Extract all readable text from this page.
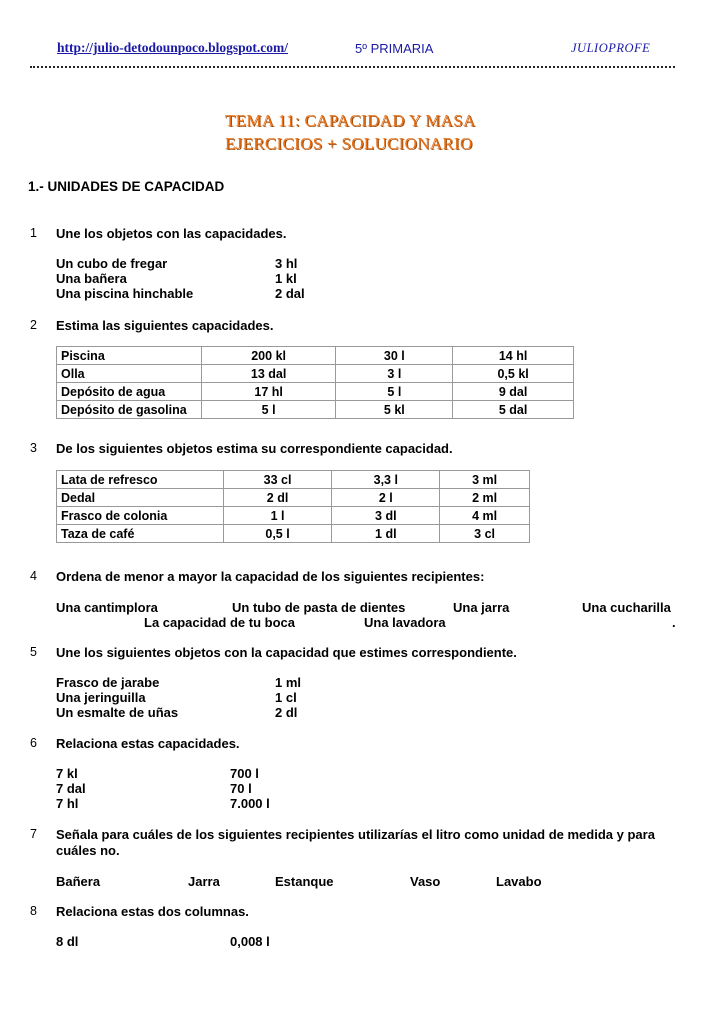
http://julio-detodounpoco.blogspot.com/	5º PRIMARIA	JULIOPROFE
TEMA 11: CAPACIDAD Y MASA
EJERCICIOS + SOLUCIONARIO
1.- UNIDADES DE CAPACIDAD
1 Une los objetos con las capacidades.
Un cubo de fregar	3 hl
Una bañera	1 kl
Una piscina hinchable	2 dal
2 Estima las siguientes capacidades.
Piscina	200 kl	30 l	14 hl
Olla	13 dal	3 l	0,5 kl
Depósito de agua	17 hl	5 l	9 dal
Depósito de gasolina	5 l	5 kl	5 dal
3 De los siguientes objetos estima su correspondiente capacidad.
Lata de refresco	33 cl	3,3 l	3 ml
Dedal	2 dl	2 l	2 ml
Frasco de colonia	1 l	3 dl	4 ml
Taza de café	0,5 l	1 dl	3 cl
4 Ordena de menor a mayor la capacidad de los siguientes recipientes:
Una cantimplora	Un tubo de pasta de dientes	Una jarra	Una cucharilla
La capacidad de tu boca	Una lavadora	.
5 Une los siguientes objetos con la capacidad que estimes correspondiente.
Frasco de jarabe	1 ml
Una jeringuilla	1 cl
Un esmalte de uñas	2 dl
6 Relaciona estas capacidades.
7 kl	700 l
7 dal	70 l
7 hl	7.000 l
7 Señala para cuáles de los siguientes recipientes utilizarías el litro como unidad de medida y para
cuáles no.
Bañera	Jarra	Estanque	Vaso	Lavabo
8 Relaciona estas dos columnas.
8 dl	0,008 l
